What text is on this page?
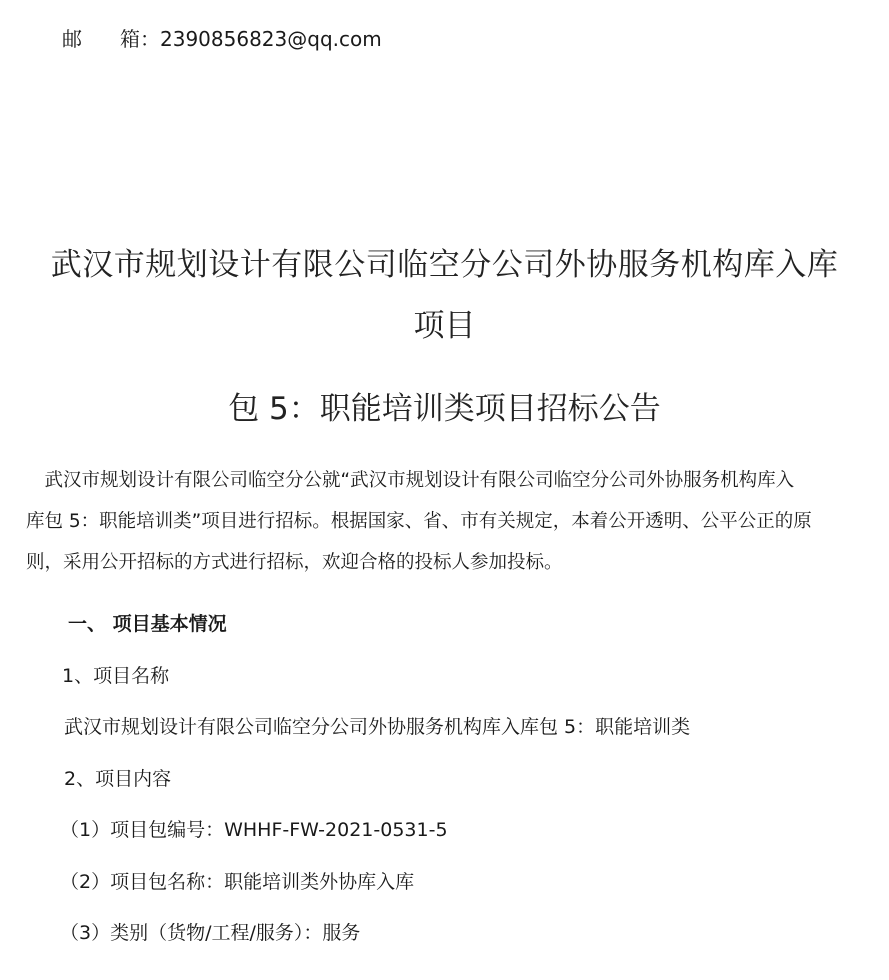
邮 箱：2390856823@qq.com
武汉市规划设计有限公司临空分公司外协服务机构库入库
项目
包 5：职能培训类项目招标公告
　武汉市规划设计有限公司临空分公就“武汉市规划设计有限公司临空分公司外协服务机构库入
库包 5：职能培训类”项目进行招标。根据国家、省、市有关规定，本着公开透明、公平公正的原
则，采用公开招标的方式进行招标，欢迎合格的投标人参加投标。
一、 项目基本情况
1、项目名称
武汉市规划设计有限公司临空分公司外协服务机构库入库包 5：职能培训类
2、项目内容
（1）项目包编号：WHHF-FW-2021-0531-5
（2）项目包名称：职能培训类外协库入库
（3）类别（货物/工程/服务）：服务
